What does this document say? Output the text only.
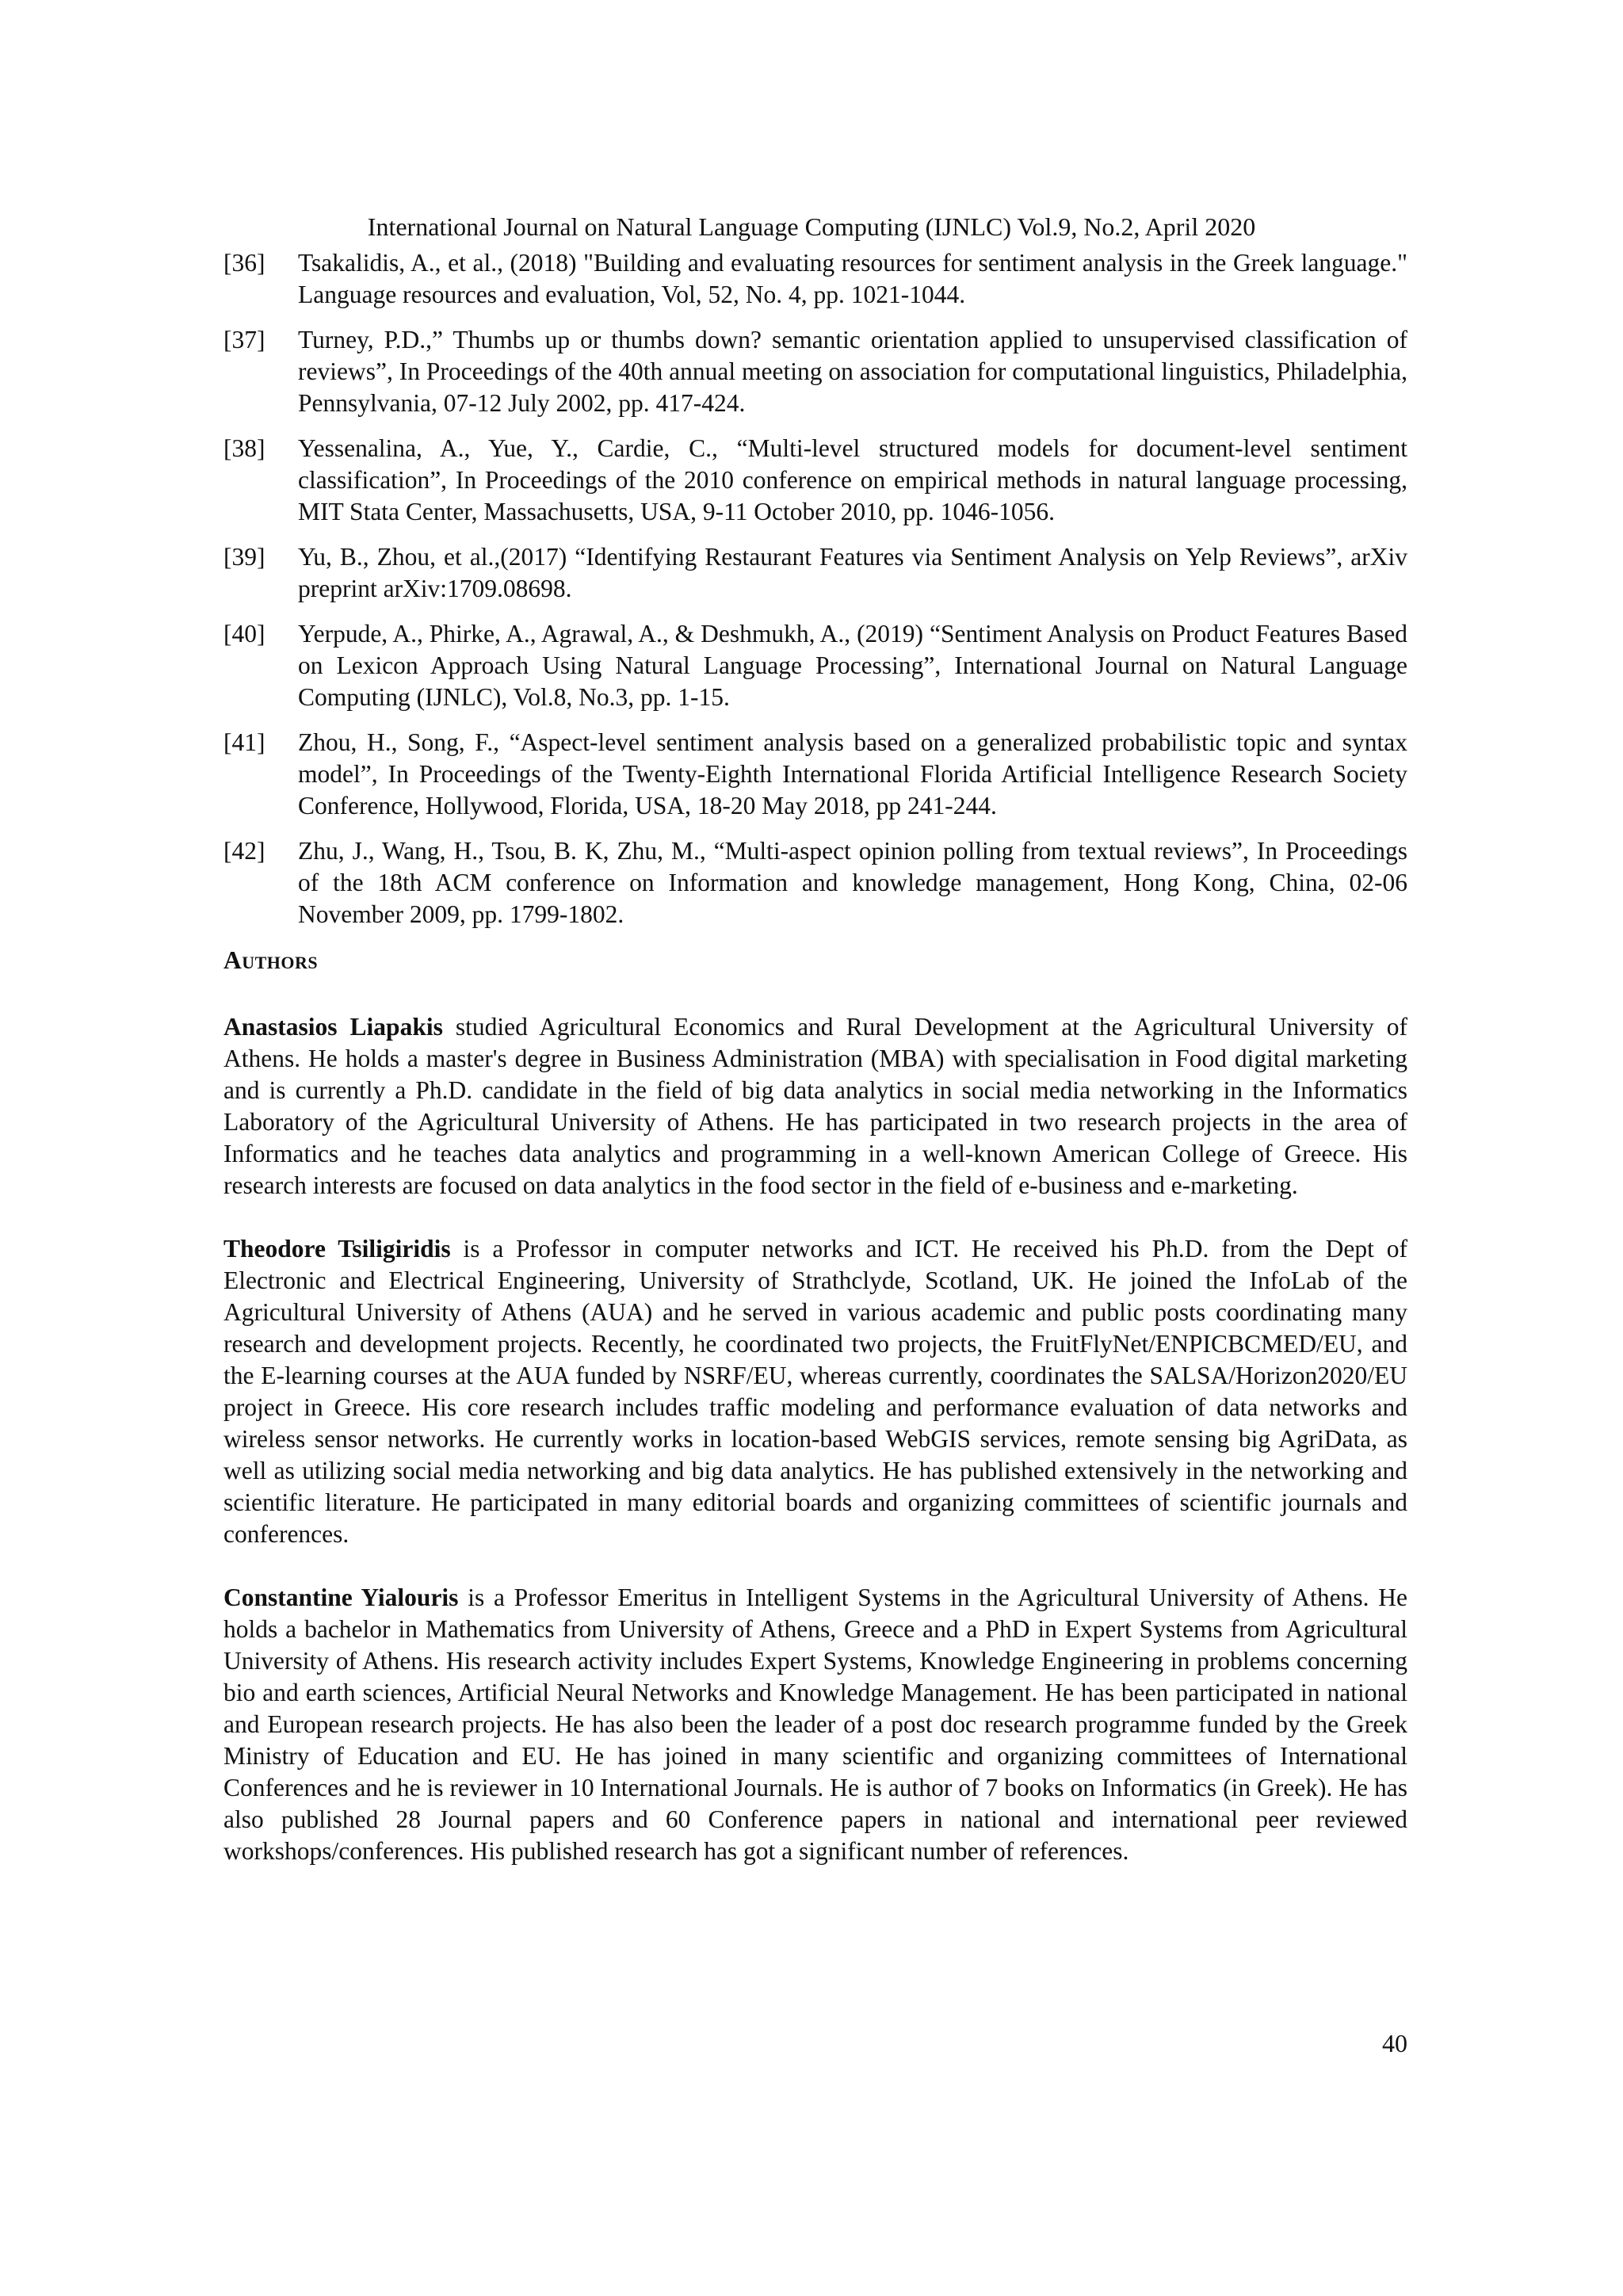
International Journal on Natural Language Computing (IJNLC) Vol.9, No.2, April 2020
[36]	Tsakalidis, A., et al., (2018) "Building and evaluating resources for sentiment analysis in the Greek language." Language resources and evaluation, Vol, 52, No. 4, pp. 1021-1044.
[37]	Turney, P.D.,” Thumbs up or thumbs down? semantic orientation applied to unsupervised classification of reviews”, In Proceedings of the 40th annual meeting on association for computational linguistics, Philadelphia, Pennsylvania, 07-12 July 2002, pp. 417-424.
[38]	Yessenalina, A., Yue, Y., Cardie, C., “Multi-level structured models for document-level sentiment classification”, In Proceedings of the 2010 conference on empirical methods in natural language processing, MIT Stata Center, Massachusetts, USA, 9-11 October 2010, pp. 1046-1056.
[39]	Yu, B., Zhou, et al.,(2017) “Identifying Restaurant Features via Sentiment Analysis on Yelp Reviews”, arXiv preprint arXiv:1709.08698.
[40]	Yerpude, A., Phirke, A., Agrawal, A., & Deshmukh, A., (2019) “Sentiment Analysis on Product Features Based on Lexicon Approach Using Natural Language Processing”, International Journal on Natural Language Computing (IJNLC), Vol.8, No.3, pp. 1-15.
[41]	Zhou, H., Song, F., “Aspect-level sentiment analysis based on a generalized probabilistic topic and syntax model”, In Proceedings of the Twenty-Eighth International Florida Artificial Intelligence Research Society Conference, Hollywood, Florida, USA, 18-20 May 2018, pp 241-244.
[42]	Zhu, J., Wang, H., Tsou, B. K, Zhu, M., “Multi-aspect opinion polling from textual reviews”, In Proceedings of the 18th ACM conference on Information and knowledge management, Hong Kong, China, 02-06 November 2009, pp. 1799-1802.
Authors

Anastasios Liapakis studied Agricultural Economics and Rural Development at the Agricultural University of Athens. He holds a master's degree in Business Administration (MBA) with specialisation in Food digital marketing and is currently a Ph.D. candidate in the field of big data analytics in social media networking in the Informatics Laboratory of the Agricultural University of Athens. He has participated in two research projects in the area of Informatics and he teaches data analytics and programming in a well-known American College of Greece. His research interests are focused on data analytics in the food sector in the field of e-business and e-marketing.

Theodore Tsiligiridis is a Professor in computer networks and ICT. He received his Ph.D. from the Dept of Electronic and Electrical Engineering, University of Strathclyde, Scotland, UK. He joined the InfoLab of the Agricultural University of Athens (AUA) and he served in various academic and public posts coordinating many research and development projects. Recently, he coordinated two projects, the FruitFlyNet/ENPICBCMED/EU, and the E-learning courses at the AUA funded by NSRF/EU, whereas currently, coordinates the SALSA/Horizon2020/EU project in Greece. His core research includes traffic modeling and performance evaluation of data networks and wireless sensor networks. He currently works in location-based WebGIS services, remote sensing big AgriData, as well as utilizing social media networking and big data analytics. He has published extensively in the networking and scientific literature. He participated in many editorial boards and organizing committees of scientific journals and conferences.

Constantine Yialouris is a Professor Emeritus in Intelligent Systems in the Agricultural University of Athens. He holds a bachelor in Mathematics from University of Athens, Greece and a PhD in Expert Systems from Agricultural University of Athens. His research activity includes Expert Systems, Knowledge Engineering in problems concerning bio and earth sciences, Artificial Neural Networks and Knowledge Management. He has been participated in national and European research projects. He has also been the leader of a post doc research programme funded by the Greek Ministry of Education and EU. He has joined in many scientific and organizing committees of International Conferences and he is reviewer in 10 International Journals. He is author of 7 books on Informatics (in Greek). He has also published 28 Journal papers and 60 Conference papers in national and international peer reviewed workshops/conferences. His published research has got a significant number of references.

40
